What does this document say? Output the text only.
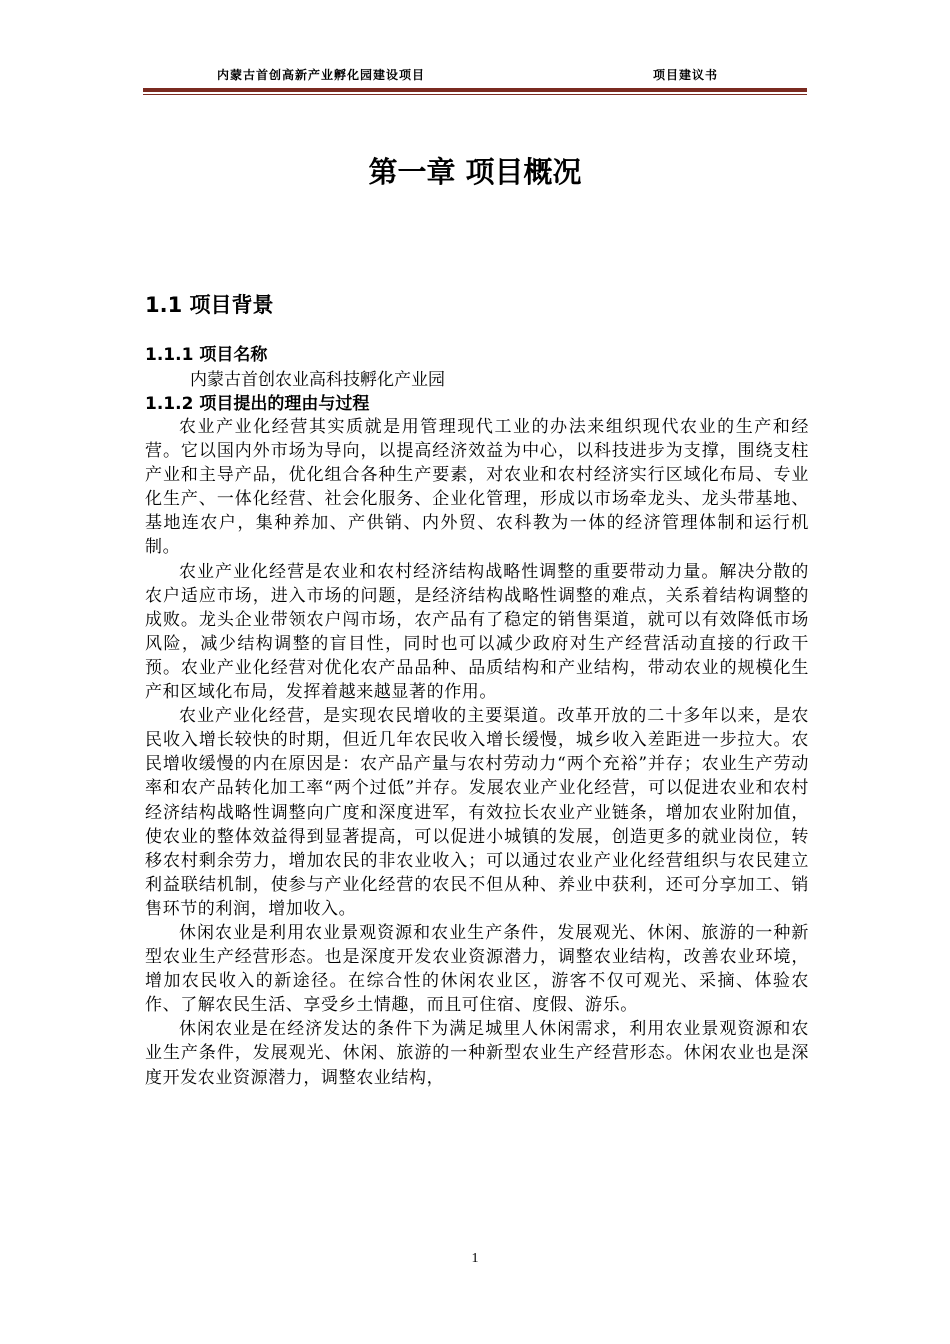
内蒙古首创高新产业孵化园建设项目	项目建议书
第一章 项目概况
1.1 项目背景
1.1.1 项目名称
内蒙古首创农业高科技孵化产业园
1.1.2 项目提出的理由与过程

农业产业化经营其实质就是用管理现代工业的办法来组织现代农业的生产和经营。它以国内外市场为导向，以提高经济效益为中心，以科技进步为支撑，围绕支柱产业和主导产品，优化组合各种生产要素，对农业和农村经济实行区域化布局、专业化生产、一体化经营、社会化服务、企业化管理，形成以市场牵龙头、龙头带基地、基地连农户，集种养加、产供销、内外贸、农科教为一体的经济管理体制和运行机制。

农业产业化经营是农业和农村经济结构战略性调整的重要带动力量。解决分散的农户适应市场，进入市场的问题，是经济结构战略性调整的难点，关系着结构调整的成败。龙头企业带领农户闯市场，农产品有了稳定的销售渠道，就可以有效降低市场风险，减少结构调整的盲目性，同时也可以减少政府对生产经营活动直接的行政干预。农业产业化经营对优化农产品品种、品质结构和产业结构，带动农业的规模化生产和区域化布局，发挥着越来越显著的作用。

农业产业化经营，是实现农民增收的主要渠道。改革开放的二十多年以来，是农民收入增长较快的时期，但近几年农民收入增长缓慢，城乡收入差距进一步拉大。农民增收缓慢的内在原因是：农产品产量与农村劳动力“两个充裕”并存；农业生产劳动率和农产品转化加工率“两个过低”并存。发展农业产业化经营，可以促进农业和农村经济结构战略性调整向广度和深度进军，有效拉长农业产业链条，增加农业附加值，使农业的整体效益得到显著提高，可以促进小城镇的发展，创造更多的就业岗位，转移农村剩余劳力，增加农民的非农业收入；可以通过农业产业化经营组织与农民建立利益联结机制，使参与产业化经营的农民不但从种、养业中获利，还可分享加工、销售环节的利润，增加收入。

休闲农业是利用农业景观资源和农业生产条件，发展观光、休闲、旅游的一种新型农业生产经营形态。也是深度开发农业资源潜力，调整农业结构，改善农业环境，增加农民收入的新途径。在综合性的休闲农业区，游客不仅可观光、采摘、体验农作、了解农民生活、享受乡土情趣，而且可住宿、度假、游乐。

休闲农业是在经济发达的条件下为满足城里人休闲需求，利用农业景观资源和农业生产条件，发展观光、休闲、旅游的一种新型农业生产经营形态。休闲农业也是深度开发农业资源潜力，调整农业结构，

1
